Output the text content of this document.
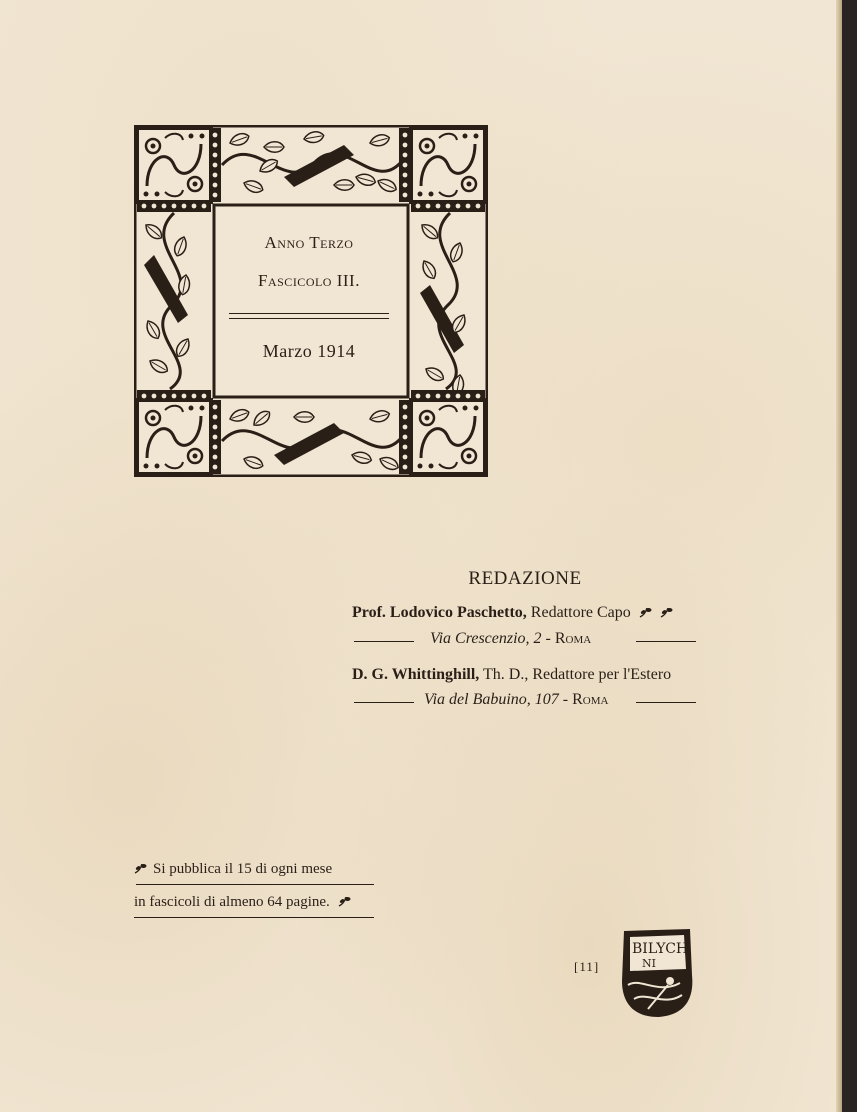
Anno Terzo
Fascicolo III.
Marzo 1914
REDAZIONE
Prof. Lodovico Paschetto, Redattore Capo
Via Crescenzio, 2 - Roma
D. G. Whittinghill, Th. D., Redattore per l'Estero
Via del Babuino, 107 - Roma
Si pubblica il 15 di ogni mese
in fascicoli di almeno 64 pagine.
[11]
BILYCH
NI
